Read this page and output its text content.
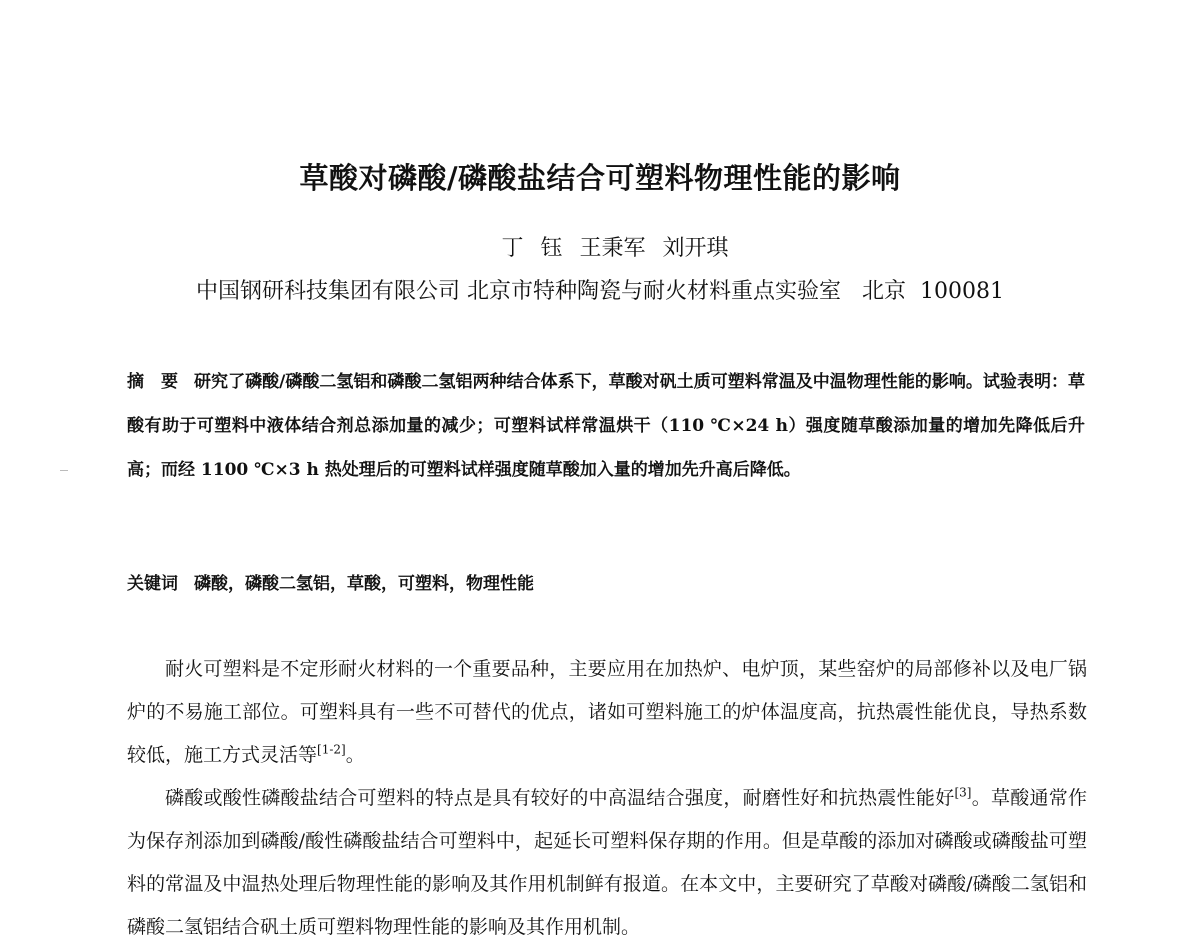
草酸对磷酸/磷酸盐结合可塑料物理性能的影响
丁 钰 王秉军 刘开琪
中国钢研科技集团有限公司 北京市特种陶瓷与耐火材料重点实验室 北京 100081
摘　要 研究了磷酸/磷酸二氢铝和磷酸二氢铝两种结合体系下，草酸对矾土质可塑料常温及中温物理性能的影响。试验表明：草酸有助于可塑料中液体结合剂总添加量的减少；可塑料试样常温烘干（110 ℃×24 h）强度随草酸添加量的增加先降低后升高；而经 1100 ℃×3 h 热处理后的可塑料试样强度随草酸加入量的增加先升高后降低。
关键词 磷酸，磷酸二氢铝，草酸，可塑料，物理性能

耐火可塑料是不定形耐火材料的一个重要品种，主要应用在加热炉、电炉顶，某些窑炉的局部修补以及电厂锅炉的不易施工部位。可塑料具有一些不可替代的优点，诸如可塑料施工的炉体温度高，抗热震性能优良，导热系数较低，施工方式灵活等[1-2]。

磷酸或酸性磷酸盐结合可塑料的特点是具有较好的中高温结合强度，耐磨性好和抗热震性能好[3]。草酸通常作为保存剂添加到磷酸/酸性磷酸盐结合可塑料中，起延长可塑料保存期的作用。但是草酸的添加对磷酸或磷酸盐可塑料的常温及中温热处理后物理性能的影响及其作用机制鲜有报道。在本文中，主要研究了草酸对磷酸/磷酸二氢铝和磷酸二氢铝结合矾土质可塑料物理性能的影响及其作用机制。
